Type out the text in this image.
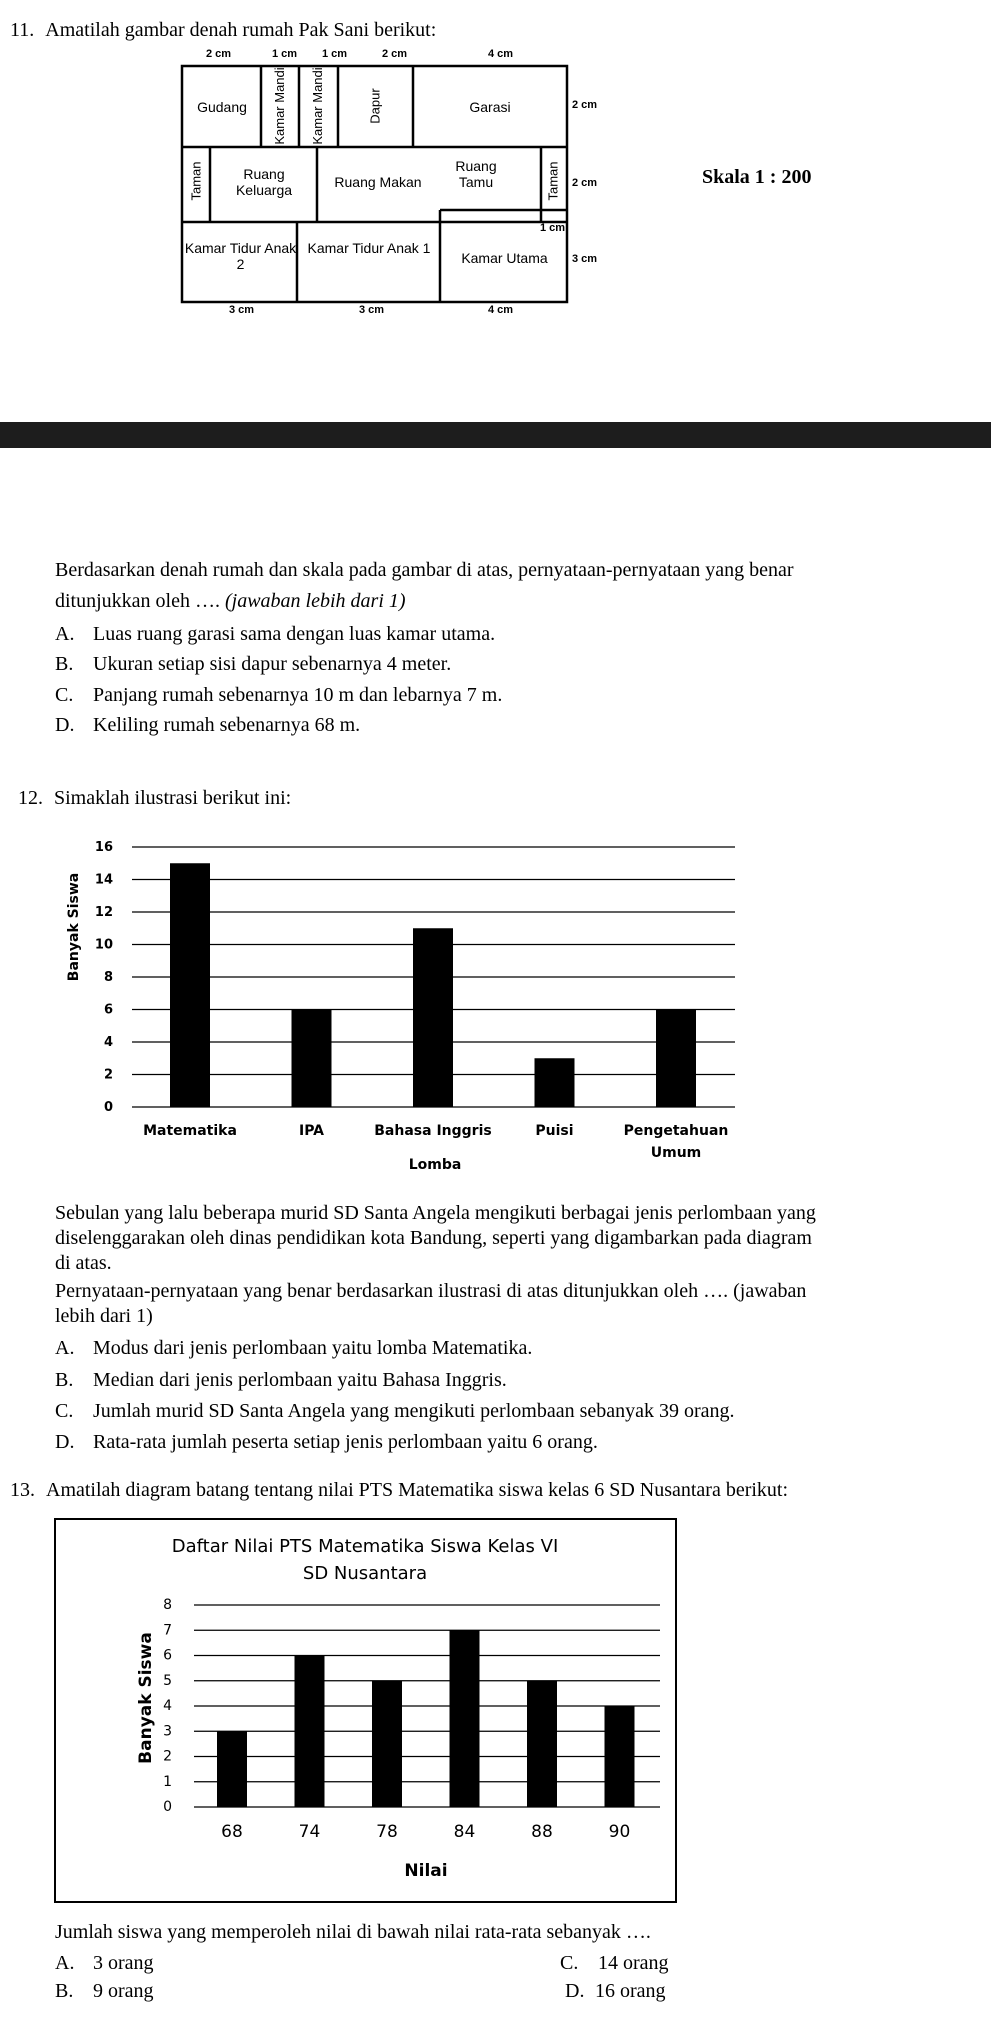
11. Amatilah gambar denah rumah Pak Sani berikut:
2 cm	1 cm 1 cm	2 cm	4 cm
Gudang	Kamar Mandi Kamar Mandi	Dapur	Garasi
Taman	Ruang Keluarga	Ruang Makan
Ruang Tamu	Taman
Kamar Tidur Anak 2
Kamar Tidur Anak 1
Kamar Utama
2 cm
2 cm
1 cm
3 cm
3 cm	3 cm	4 cm
Skala 1 : 200
Berdasarkan denah rumah dan skala pada gambar di atas, pernyataan-pernyataan yang benar
ditunjukkan oleh …. (jawaban lebih dari 1)
A. Luas ruang garasi sama dengan luas kamar utama.
B. Ukuran setiap sisi dapur sebenarnya 4 meter.
C. Panjang rumah sebenarnya 10 m dan lebarnya 7 m.
D. Keliling rumah sebenarnya 68 m.
12. Simaklah ilustrasi berikut ini:
0
2
4
6
8
10
12
14
16
Matematika	IPA	Bahasa Inggris	Puisi	Pengetahuan
Umum
Lomba
Banyak Siswa
Sebulan yang lalu beberapa murid SD Santa Angela mengikuti berbagai jenis perlombaan yang
diselenggarakan oleh dinas pendidikan kota Bandung, seperti yang digambarkan pada diagram
di atas.
Pernyataan-pernyataan yang benar berdasarkan ilustrasi di atas ditunjukkan oleh …. (jawaban
lebih dari 1)
A. Modus dari jenis perlombaan yaitu lomba Matematika.
B. Median dari jenis perlombaan yaitu Bahasa Inggris.
C. Jumlah murid SD Santa Angela yang mengikuti perlombaan sebanyak 39 orang.
D. Rata-rata jumlah peserta setiap jenis perlombaan yaitu 6 orang.
13. Amatilah diagram batang tentang nilai PTS Matematika siswa kelas 6 SD Nusantara berikut:
0
1
2
3
4
5
6
7
8
68	74	78	84	88	90
Nilai
Banyak Siswa
Daftar Nilai PTS Matematika Siswa Kelas VI
SD Nusantara
Jumlah siswa yang memperoleh nilai di bawah nilai rata-rata sebanyak ….
A. 3 orang
B. 9 orang
C. 14 orang
D. 16 orang
